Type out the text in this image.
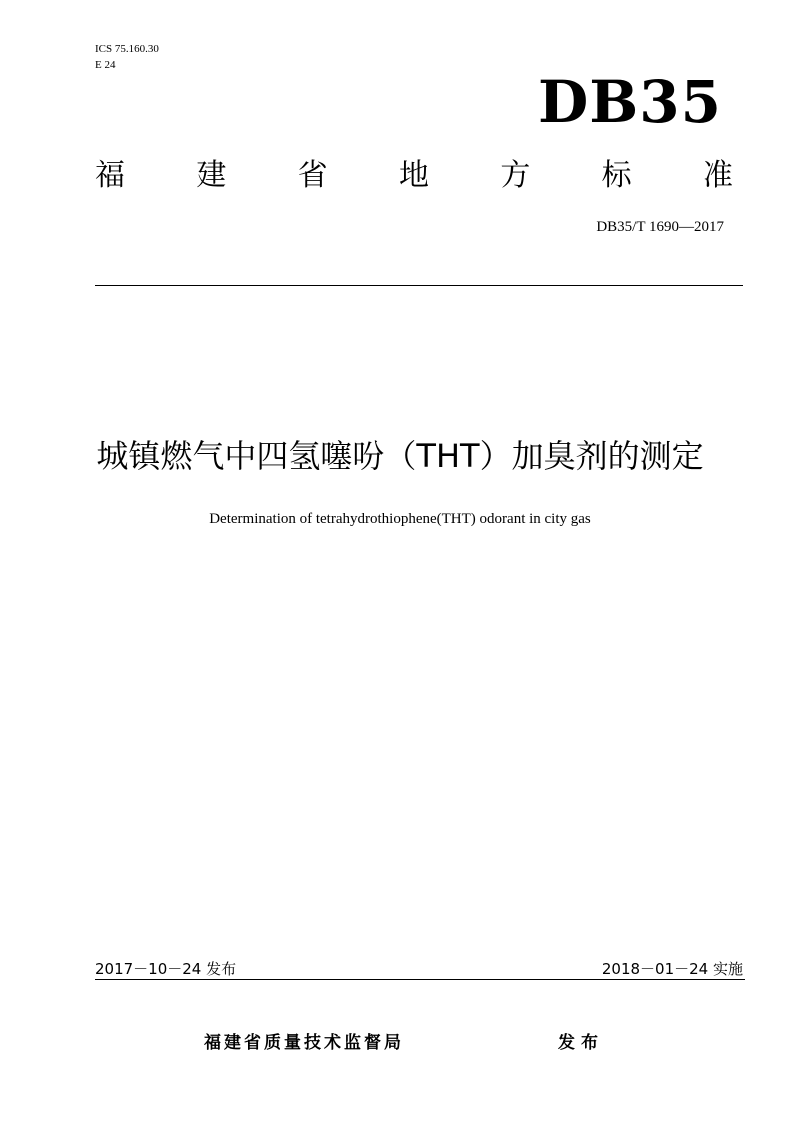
ICS 75.160.30
E 24
DB35
福 建 省 地 方 标 准
DB35/T 1690—2017
城镇燃气中四氢噻吩（THT）加臭剂的测定
Determination of tetrahydrothiophene(THT) odorant in city gas
2017－10－24 发布	2018－01－24 实施
福建省质量技术监督局	发布
